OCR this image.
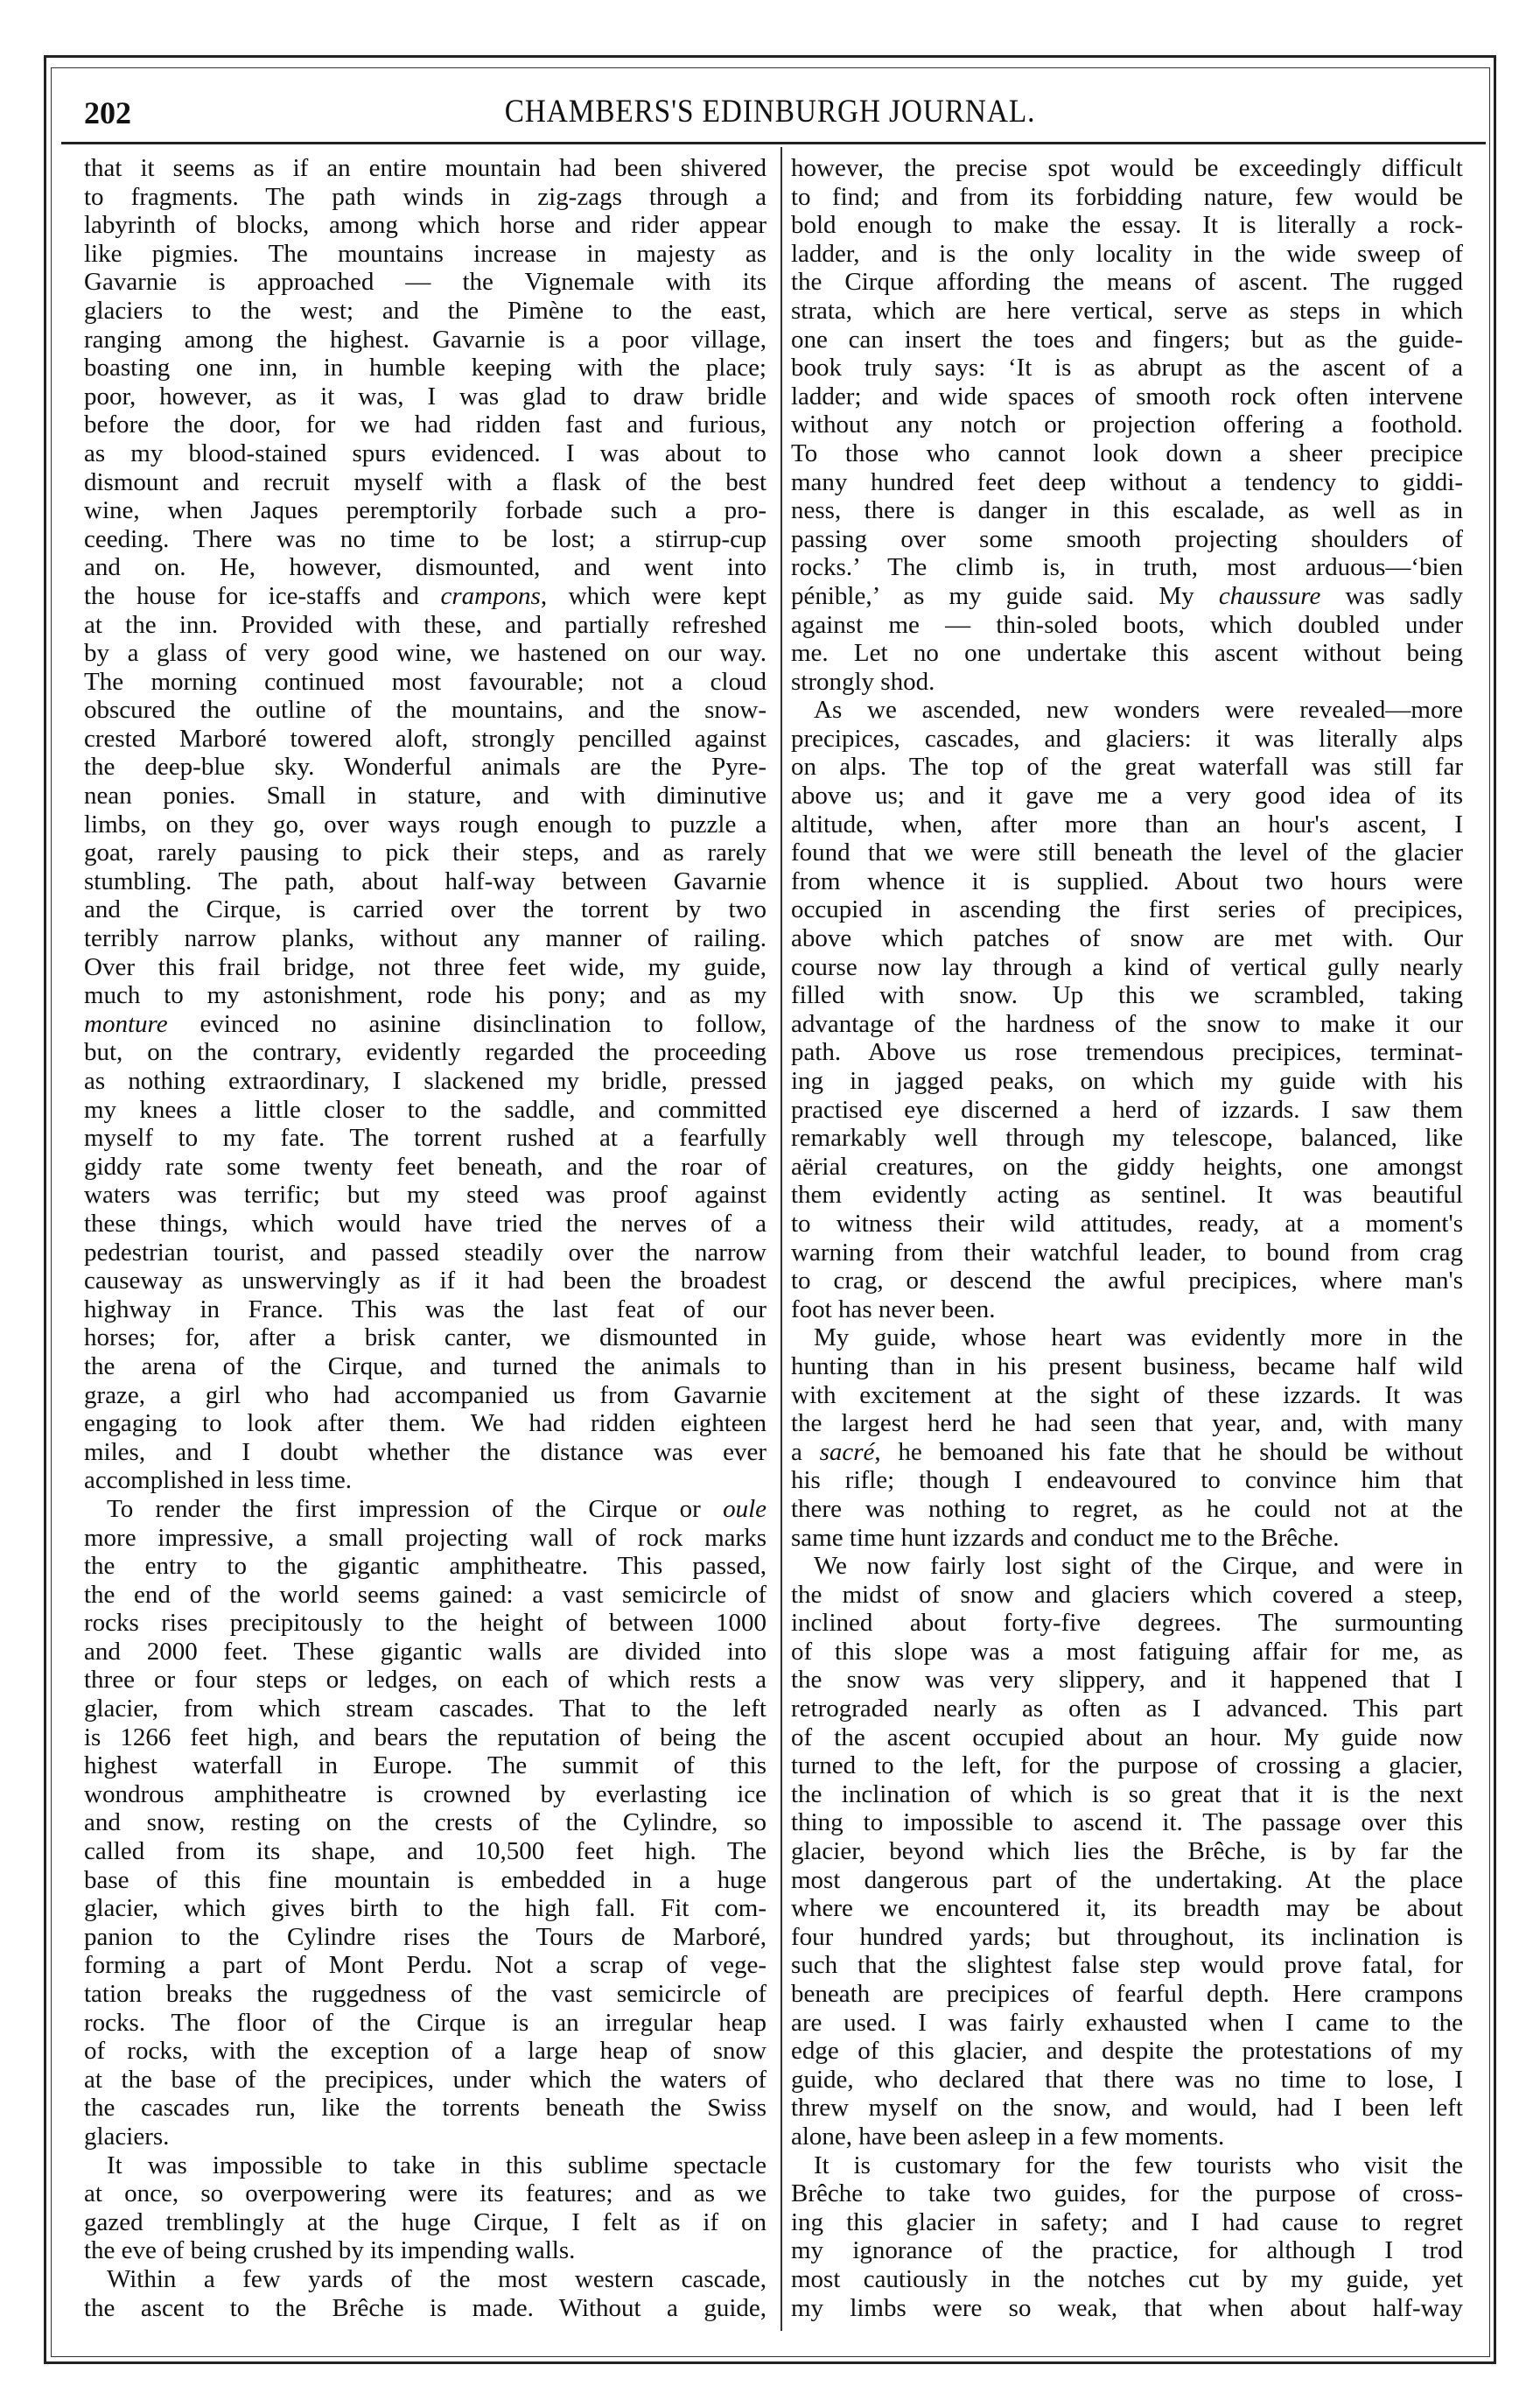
202	CHAMBERS'S EDINBURGH JOURNAL.
that it seems as if an entire mountain had been shivered
to fragments. The path winds in zig-zags through a
labyrinth of blocks, among which horse and rider appear
like pigmies. The mountains increase in majesty as
Gavarnie is approached — the Vignemale with its
glaciers to the west; and the Pimène to the east,
ranging among the highest. Gavarnie is a poor village,
boasting one inn, in humble keeping with the place;
poor, however, as it was, I was glad to draw bridle
before the door, for we had ridden fast and furious,
as my blood-stained spurs evidenced. I was about to
dismount and recruit myself with a flask of the best
wine, when Jaques peremptorily forbade such a pro-
ceeding. There was no time to be lost; a stirrup-cup
and on. He, however, dismounted, and went into
the house for ice-staffs and crampons, which were kept
at the inn. Provided with these, and partially refreshed
by a glass of very good wine, we hastened on our way.
The morning continued most favourable; not a cloud
obscured the outline of the mountains, and the snow-
crested Marboré towered aloft, strongly pencilled against
the deep-blue sky. Wonderful animals are the Pyre-
nean ponies. Small in stature, and with diminutive
limbs, on they go, over ways rough enough to puzzle a
goat, rarely pausing to pick their steps, and as rarely
stumbling. The path, about half-way between Gavarnie
and the Cirque, is carried over the torrent by two
terribly narrow planks, without any manner of railing.
Over this frail bridge, not three feet wide, my guide,
much to my astonishment, rode his pony; and as my
monture evinced no asinine disinclination to follow,
but, on the contrary, evidently regarded the proceeding
as nothing extraordinary, I slackened my bridle, pressed
my knees a little closer to the saddle, and committed
myself to my fate. The torrent rushed at a fearfully
giddy rate some twenty feet beneath, and the roar of
waters was terrific; but my steed was proof against
these things, which would have tried the nerves of a
pedestrian tourist, and passed steadily over the narrow
causeway as unswervingly as if it had been the broadest
highway in France. This was the last feat of our
horses; for, after a brisk canter, we dismounted in
the arena of the Cirque, and turned the animals to
graze, a girl who had accompanied us from Gavarnie
engaging to look after them. We had ridden eighteen
miles, and I doubt whether the distance was ever
accomplished in less time.
To render the first impression of the Cirque or oule
more impressive, a small projecting wall of rock marks
the entry to the gigantic amphitheatre. This passed,
the end of the world seems gained: a vast semicircle of
rocks rises precipitously to the height of between 1000
and 2000 feet. These gigantic walls are divided into
three or four steps or ledges, on each of which rests a
glacier, from which stream cascades. That to the left
is 1266 feet high, and bears the reputation of being the
highest waterfall in Europe. The summit of this
wondrous amphitheatre is crowned by everlasting ice
and snow, resting on the crests of the Cylindre, so
called from its shape, and 10,500 feet high. The
base of this fine mountain is embedded in a huge
glacier, which gives birth to the high fall. Fit com-
panion to the Cylindre rises the Tours de Marboré,
forming a part of Mont Perdu. Not a scrap of vege-
tation breaks the ruggedness of the vast semicircle of
rocks. The floor of the Cirque is an irregular heap
of rocks, with the exception of a large heap of snow
at the base of the precipices, under which the waters of
the cascades run, like the torrents beneath the Swiss
glaciers.
It was impossible to take in this sublime spectacle
at once, so overpowering were its features; and as we
gazed tremblingly at the huge Cirque, I felt as if on
the eve of being crushed by its impending walls.
Within a few yards of the most western cascade,
the ascent to the Brêche is made. Without a guide,
however, the precise spot would be exceedingly difficult
to find; and from its forbidding nature, few would be
bold enough to make the essay. It is literally a rock-
ladder, and is the only locality in the wide sweep of
the Cirque affording the means of ascent. The rugged
strata, which are here vertical, serve as steps in which
one can insert the toes and fingers; but as the guide-
book truly says: ‘It is as abrupt as the ascent of a
ladder; and wide spaces of smooth rock often intervene
without any notch or projection offering a foothold.
To those who cannot look down a sheer precipice
many hundred feet deep without a tendency to giddi-
ness, there is danger in this escalade, as well as in
passing over some smooth projecting shoulders of
rocks.’ The climb is, in truth, most arduous—‘bien
pénible,’ as my guide said. My chaussure was sadly
against me — thin-soled boots, which doubled under
me. Let no one undertake this ascent without being
strongly shod.
As we ascended, new wonders were revealed—more
precipices, cascades, and glaciers: it was literally alps
on alps. The top of the great waterfall was still far
above us; and it gave me a very good idea of its
altitude, when, after more than an hour's ascent, I
found that we were still beneath the level of the glacier
from whence it is supplied. About two hours were
occupied in ascending the first series of precipices,
above which patches of snow are met with. Our
course now lay through a kind of vertical gully nearly
filled with snow. Up this we scrambled, taking
advantage of the hardness of the snow to make it our
path. Above us rose tremendous precipices, terminat-
ing in jagged peaks, on which my guide with his
practised eye discerned a herd of izzards. I saw them
remarkably well through my telescope, balanced, like
aërial creatures, on the giddy heights, one amongst
them evidently acting as sentinel. It was beautiful
to witness their wild attitudes, ready, at a moment's
warning from their watchful leader, to bound from crag
to crag, or descend the awful precipices, where man's
foot has never been.
My guide, whose heart was evidently more in the
hunting than in his present business, became half wild
with excitement at the sight of these izzards. It was
the largest herd he had seen that year, and, with many
a sacré, he bemoaned his fate that he should be without
his rifle; though I endeavoured to convince him that
there was nothing to regret, as he could not at the
same time hunt izzards and conduct me to the Brêche.
We now fairly lost sight of the Cirque, and were in
the midst of snow and glaciers which covered a steep,
inclined about forty-five degrees. The surmounting
of this slope was a most fatiguing affair for me, as
the snow was very slippery, and it happened that I
retrograded nearly as often as I advanced. This part
of the ascent occupied about an hour. My guide now
turned to the left, for the purpose of crossing a glacier,
the inclination of which is so great that it is the next
thing to impossible to ascend it. The passage over this
glacier, beyond which lies the Brêche, is by far the
most dangerous part of the undertaking. At the place
where we encountered it, its breadth may be about
four hundred yards; but throughout, its inclination is
such that the slightest false step would prove fatal, for
beneath are precipices of fearful depth. Here crampons
are used. I was fairly exhausted when I came to the
edge of this glacier, and despite the protestations of my
guide, who declared that there was no time to lose, I
threw myself on the snow, and would, had I been left
alone, have been asleep in a few moments.
It is customary for the few tourists who visit the
Brêche to take two guides, for the purpose of cross-
ing this glacier in safety; and I had cause to regret
my ignorance of the practice, for although I trod
most cautiously in the notches cut by my guide, yet
my limbs were so weak, that when about half-way
